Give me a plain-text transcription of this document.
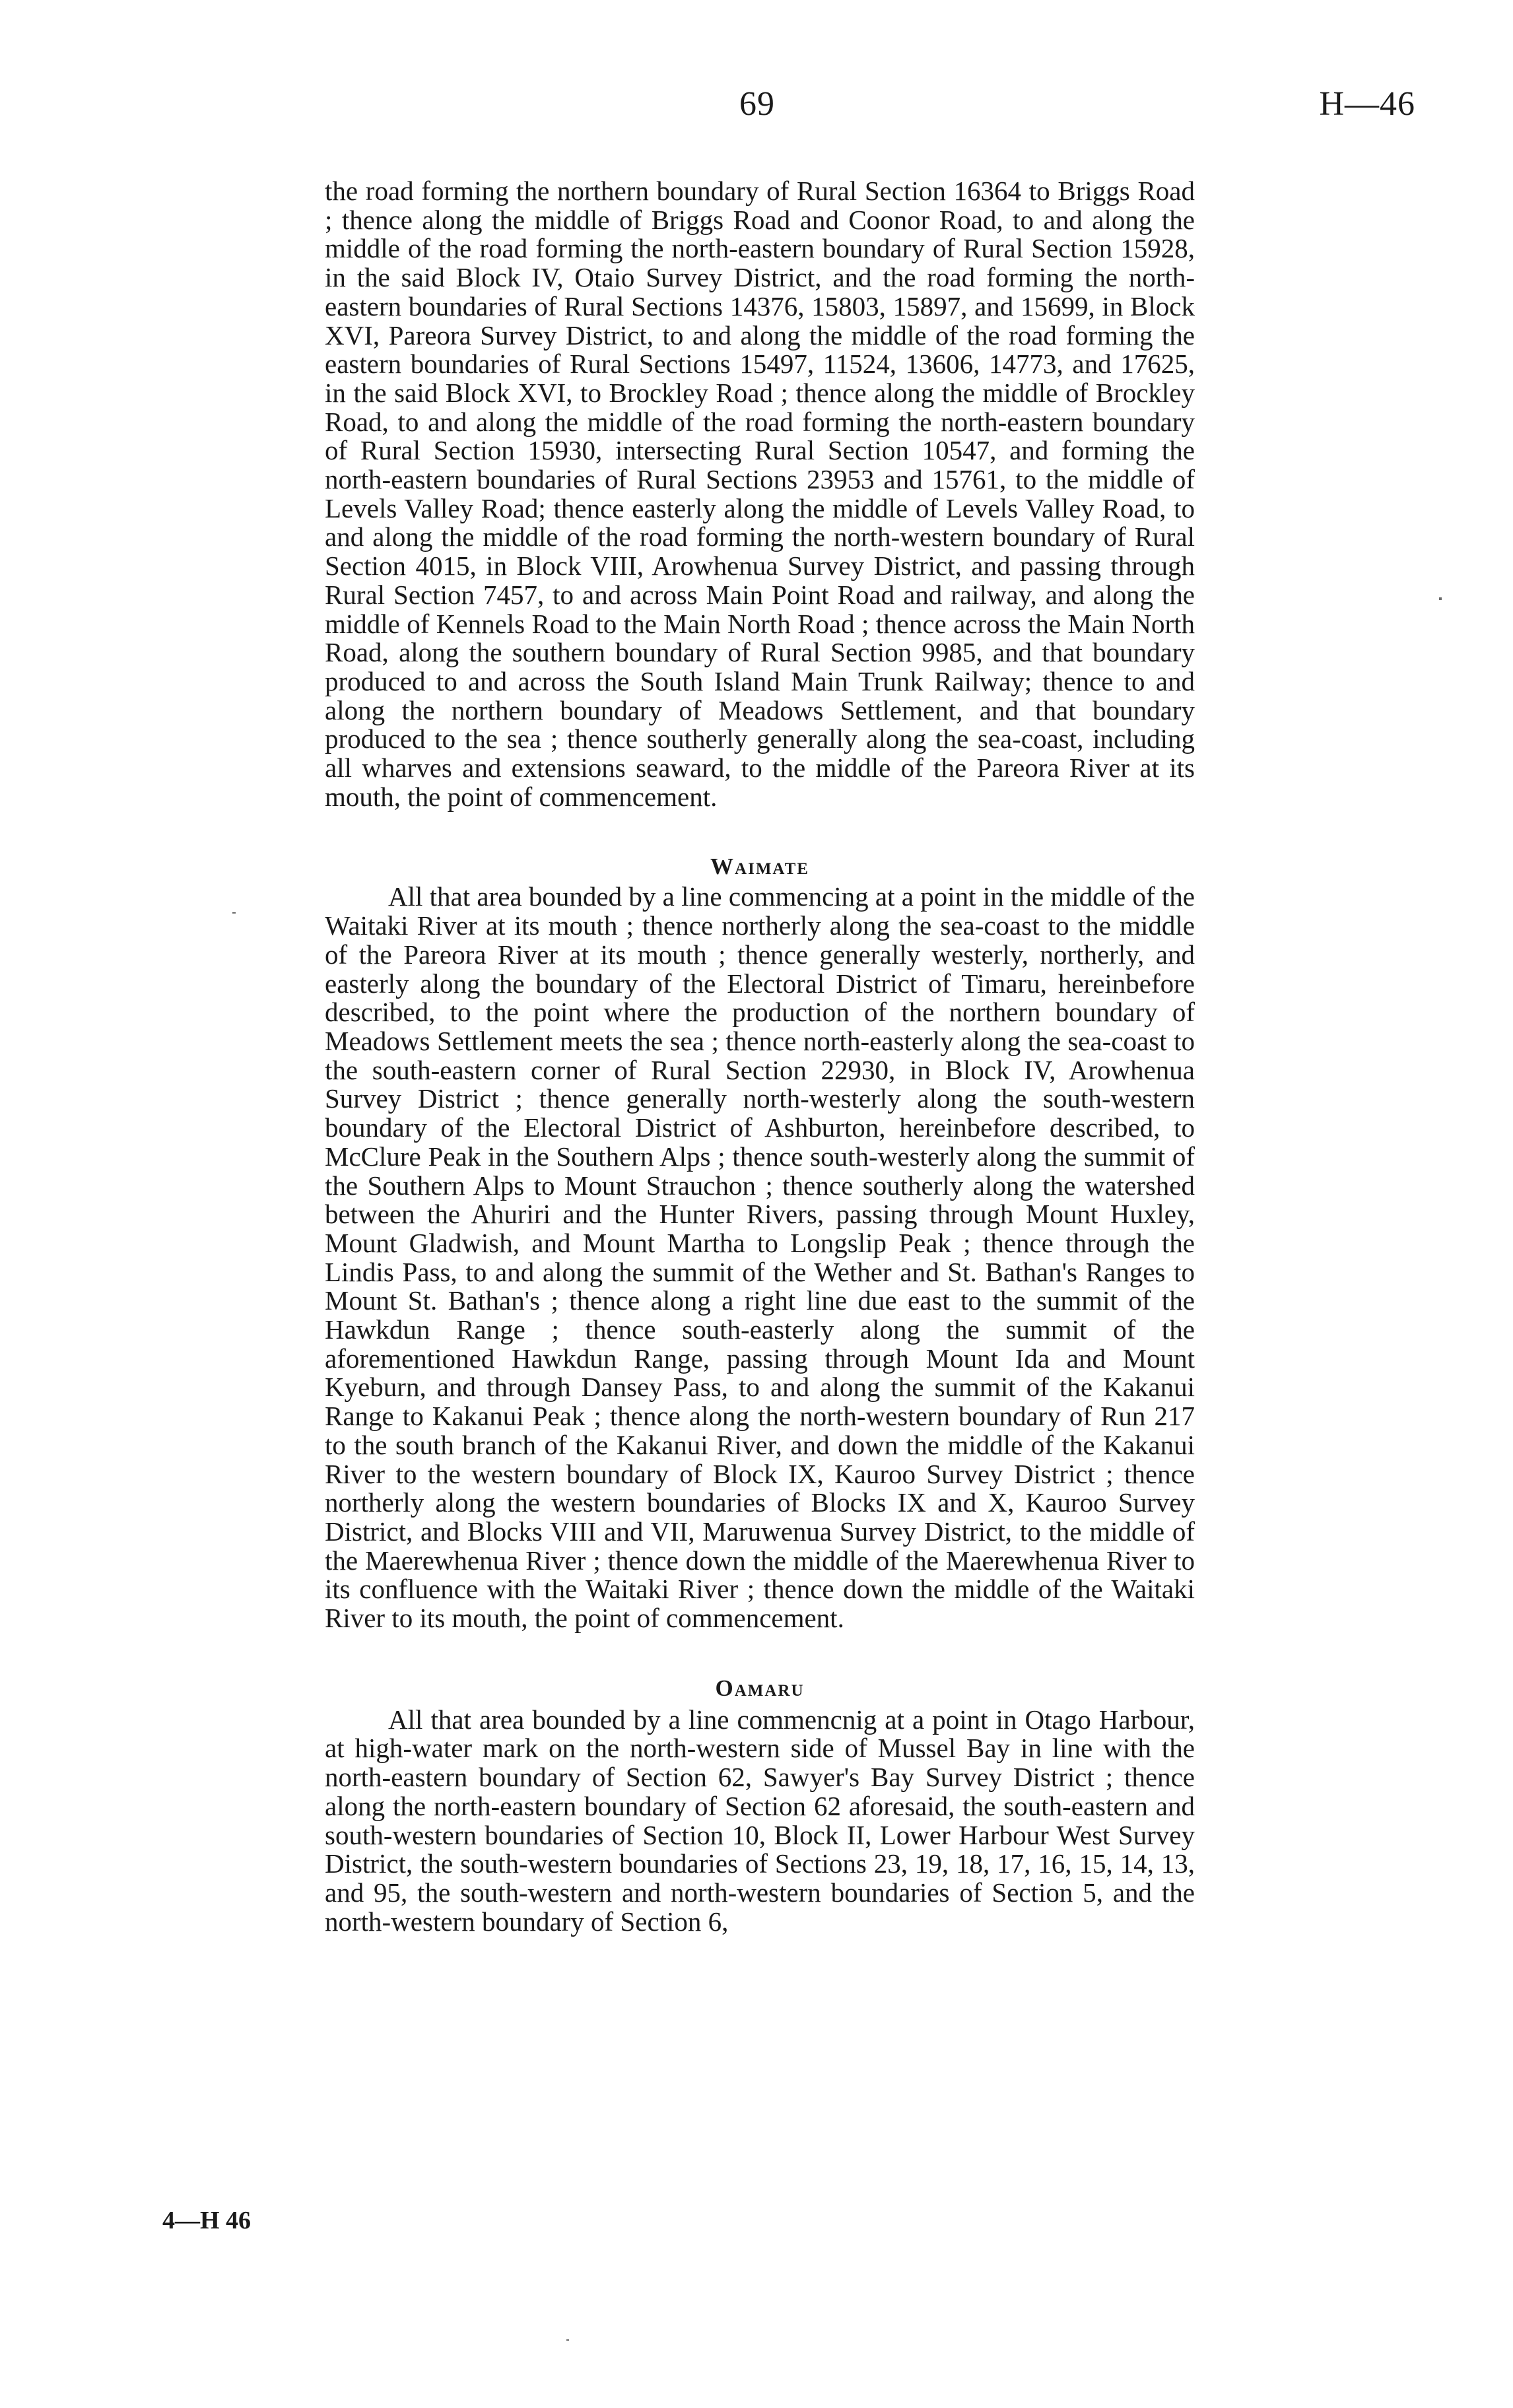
69	H—46

the road forming the northern boundary of Rural Section 16364 to Briggs Road ; thence along the middle of Briggs Road and Coonor Road, to and along the middle of the road forming the north-eastern boundary of Rural Section 15928, in the said Block IV, Otaio Survey District, and the road forming the north-eastern boundaries of Rural Sections 14376, 15803, 15897, and 15699, in Block XVI, Pareora Survey District, to and along the middle of the road forming the eastern boundaries of Rural Sections 15497, 11524, 13606, 14773, and 17625, in the said Block XVI, to Brockley Road ; thence along the middle of Brockley Road, to and along the middle of the road forming the north-eastern boundary of Rural Section 15930, intersecting Rural Section 10547, and forming the north-eastern boundaries of Rural Sections 23953 and 15761, to the middle of Levels Valley Road; thence easterly along the middle of Levels Valley Road, to and along the middle of the road forming the north-western boundary of Rural Section 4015, in Block VIII, Arowhenua Survey District, and passing through Rural Section 7457, to and across Main Point Road and railway, and along the middle of Kennels Road to the Main North Road ; thence across the Main North Road, along the southern boundary of Rural Section 9985, and that boundary produced to and across the South Island Main Trunk Railway; thence to and along the northern boundary of Meadows Settlement, and that boundary produced to the sea ; thence southerly generally along the sea-coast, including all wharves and extensions seaward, to the middle of the Pareora River at its mouth, the point of commencement.

Waimate

All that area bounded by a line commencing at a point in the middle of the Waitaki River at its mouth ; thence northerly along the sea-coast to the middle of the Pareora River at its mouth ; thence generally westerly, northerly, and easterly along the boundary of the Electoral District of Timaru, hereinbefore described, to the point where the production of the northern boundary of Meadows Settlement meets the sea ; thence north-easterly along the sea-coast to the south-eastern corner of Rural Section 22930, in Block IV, Arowhenua Survey District ; thence generally north-westerly along the south-western boundary of the Electoral District of Ashburton, hereinbefore described, to McClure Peak in the Southern Alps ; thence south-westerly along the summit of the Southern Alps to Mount Strauchon ; thence southerly along the watershed between the Ahuriri and the Hunter Rivers, passing through Mount Huxley, Mount Gladwish, and Mount Martha to Longslip Peak ; thence through the Lindis Pass, to and along the summit of the Wether and St. Bathan's Ranges to Mount St. Bathan's ; thence along a right line due east to the summit of the Hawkdun Range ; thence south-easterly along the summit of the aforementioned Hawkdun Range, passing through Mount Ida and Mount Kyeburn, and through Dansey Pass, to and along the summit of the Kakanui Range to Kakanui Peak ; thence along the north-western boundary of Run 217 to the south branch of the Kakanui River, and down the middle of the Kakanui River to the western boundary of Block IX, Kauroo Survey District ; thence northerly along the western boundaries of Blocks IX and X, Kauroo Survey District, and Blocks VIII and VII, Maruwenua Survey District, to the middle of the Maerewhenua River ; thence down the middle of the Maerewhenua River to its confluence with the Waitaki River ; thence down the middle of the Waitaki River to its mouth, the point of commencement.

Oamaru

All that area bounded by a line commencnig at a point in Otago Harbour, at high-water mark on the north-western side of Mussel Bay in line with the north-eastern boundary of Section 62, Sawyer's Bay Survey District ; thence along the north-eastern boundary of Section 62 aforesaid, the south-eastern and south-western boundaries of Section 10, Block II, Lower Harbour West Survey District, the south-western boundaries of Sections 23, 19, 18, 17, 16, 15, 14, 13, and 95, the south-western and north-western boundaries of Section 5, and the north-western boundary of Section 6,

4—H 46
